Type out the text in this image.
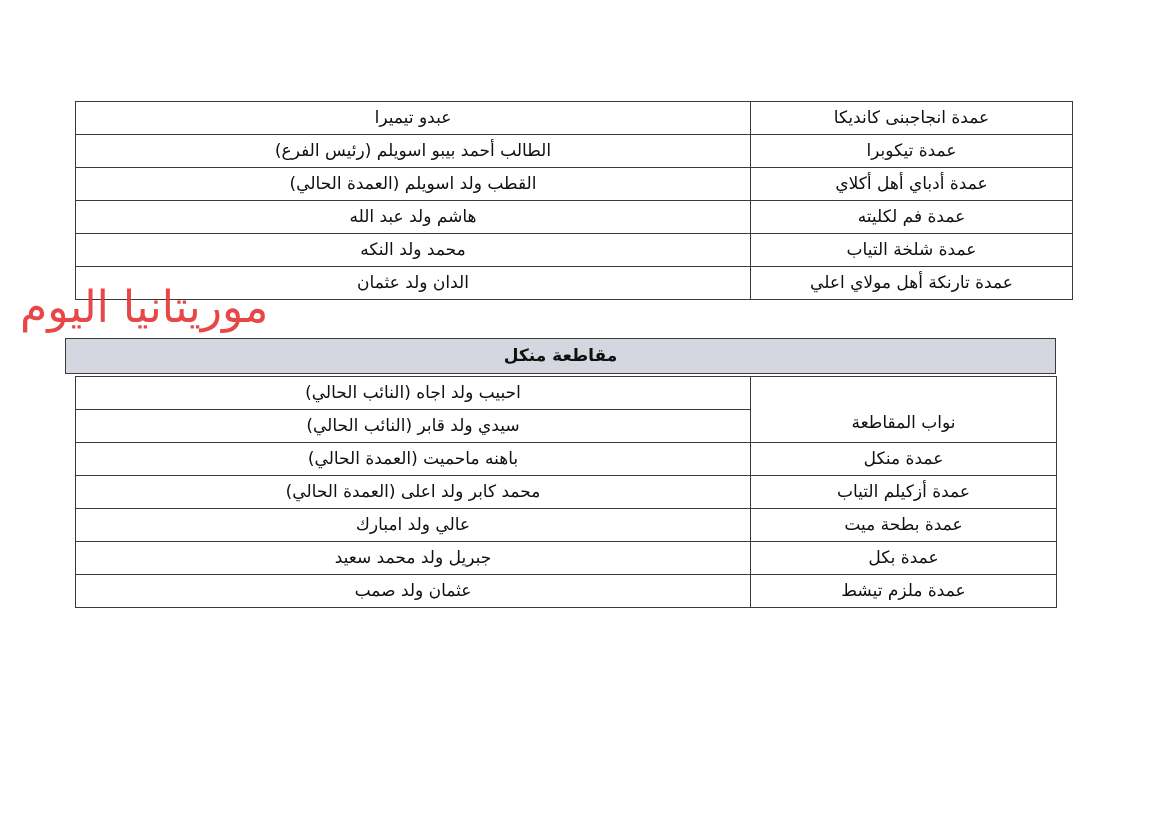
عمدة انجاجبنى كانديكا	عبدو تيميرا
عمدة تيكوبرا	الطالب أحمد بيبو اسويلم (رئيس الفرع)
عمدة أدباي أهل أكلاي	القطب ولد اسويلم (العمدة الحالي)
عمدة فم لكليته	هاشم ولد عبد الله
عمدة شلخة التياب	محمد ولد النكه
عمدة تارنكة أهل مولاي اعلي	الدان ولد عثمان
مقاطعة منكل
نواب المقاطعة	احبيب ولد اجاه (النائب الحالي)
	سيدي ولد قابر (النائب الحالي)
عمدة منكل	باهنه ماحميت (العمدة الحالي)
عمدة أزكيلم التياب	محمد كابر ولد اعلى (العمدة الحالي)
عمدة بطحة ميت	عالي ولد امبارك
عمدة بكل	جبريل ولد محمد سعيد
عمدة ملزم تيشط	عثمان ولد صمب
موريتانيا اليوم
